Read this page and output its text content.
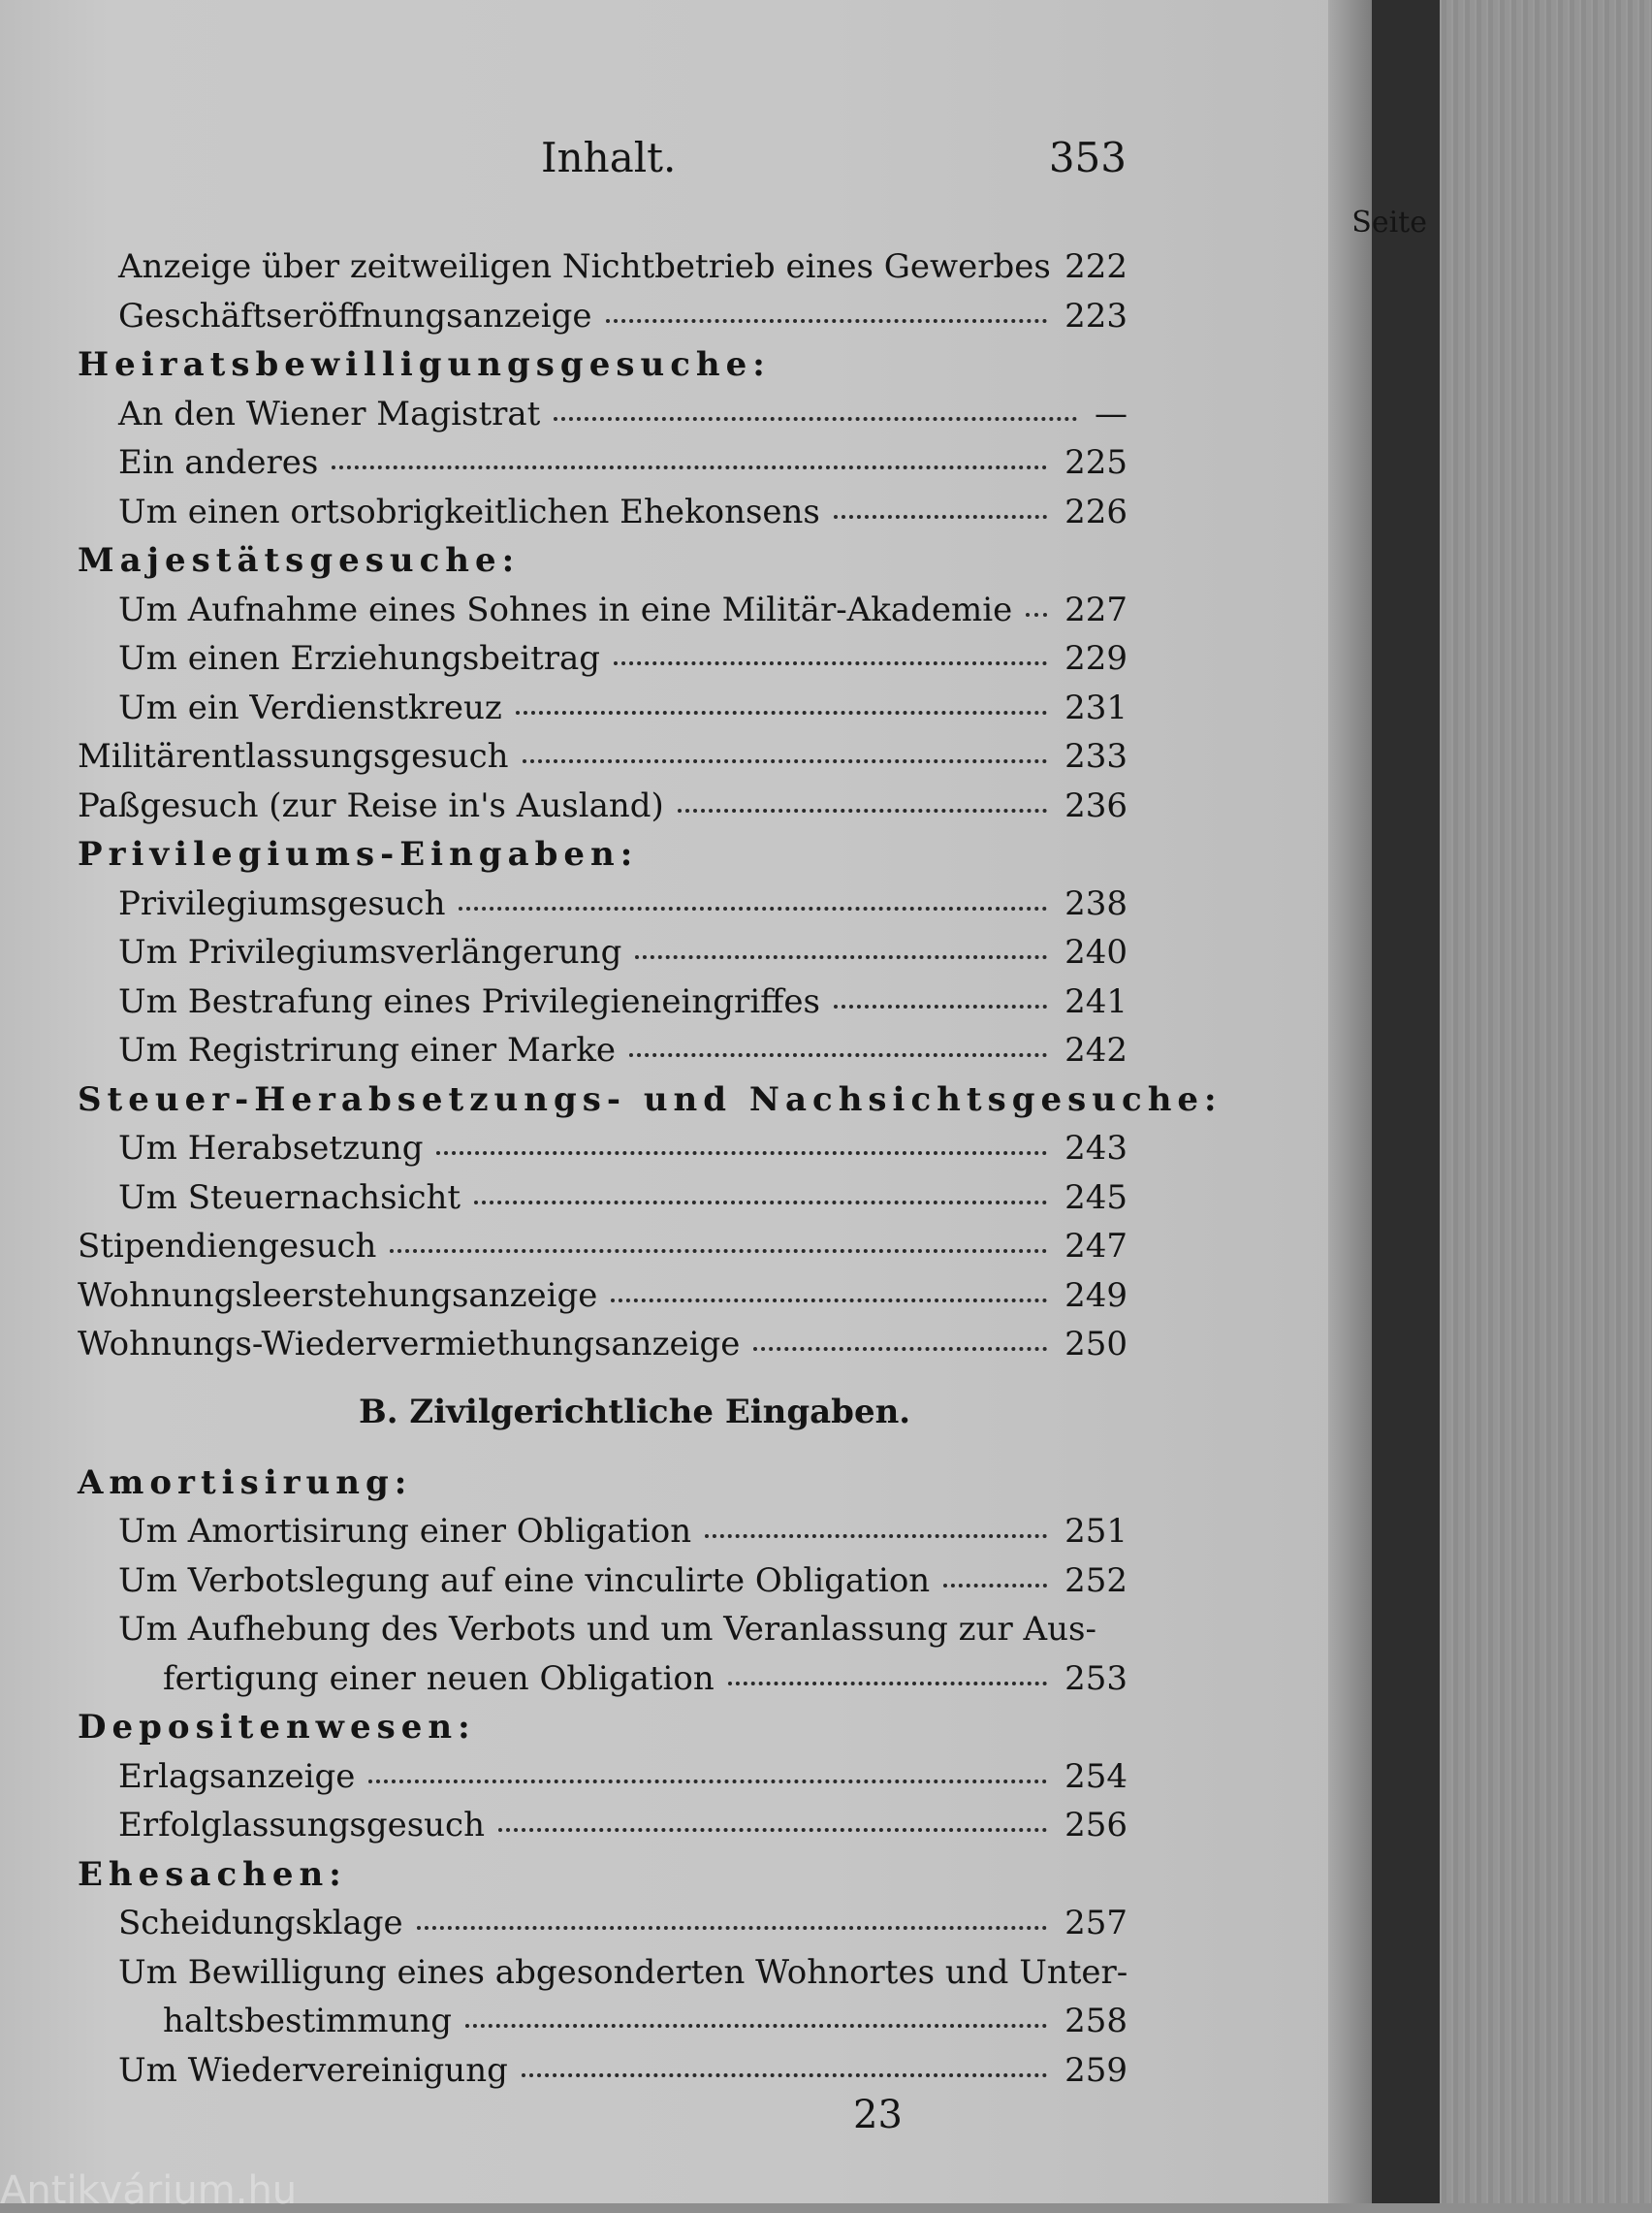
Inhalt.	353
Seite
Anzeige über zeitweiligen Nichtbetrieb eines Gewerbes 222
Geschäftseröffnungsanzeige	223
Heiratsbewilligungsgesuche:
An den Wiener Magistrat	—
Ein anderes	225
Um einen ortsobrigkeitlichen Ehekonsens	226
Majestätsgesuche:
Um Aufnahme eines Sohnes in eine Militär-Akademie 227
Um einen Erziehungsbeitrag	229
Um ein Verdienstkreuz	231
Militärentlassungsgesuch	233
Paßgesuch (zur Reise in's Ausland)	236
Privilegiums-Eingaben:
Privilegiumsgesuch	238
Um Privilegiumsverlängerung	240
Um Bestrafung eines Privilegieneingriffes	241
Um Registrirung einer Marke	242
Steuer-Herabsetzungs- und Nachsichtsgesuche:
Um Herabsetzung	243
Um Steuernachsicht	245
Stipendiengesuch	247
Wohnungsleerstehungsanzeige	249
Wohnungs-Wiedervermiethungsanzeige	250
B. Zivilgerichtliche Eingaben.
Amortisirung:
Um Amortisirung einer Obligation	251
Um Verbotslegung auf eine vinculirte Obligation	252
Um Aufhebung des Verbots und um Veranlassung zur Aus-
fertigung einer neuen Obligation	253
Depositenwesen:
Erlagsanzeige	254
Erfolglassungsgesuch	256
Ehesachen:
Scheidungsklage	257
Um Bewilligung eines abgesonderten Wohnortes und Unter-
haltsbestimmung	258
Um Wiedervereinigung	259
23
Antikvárium.hu
